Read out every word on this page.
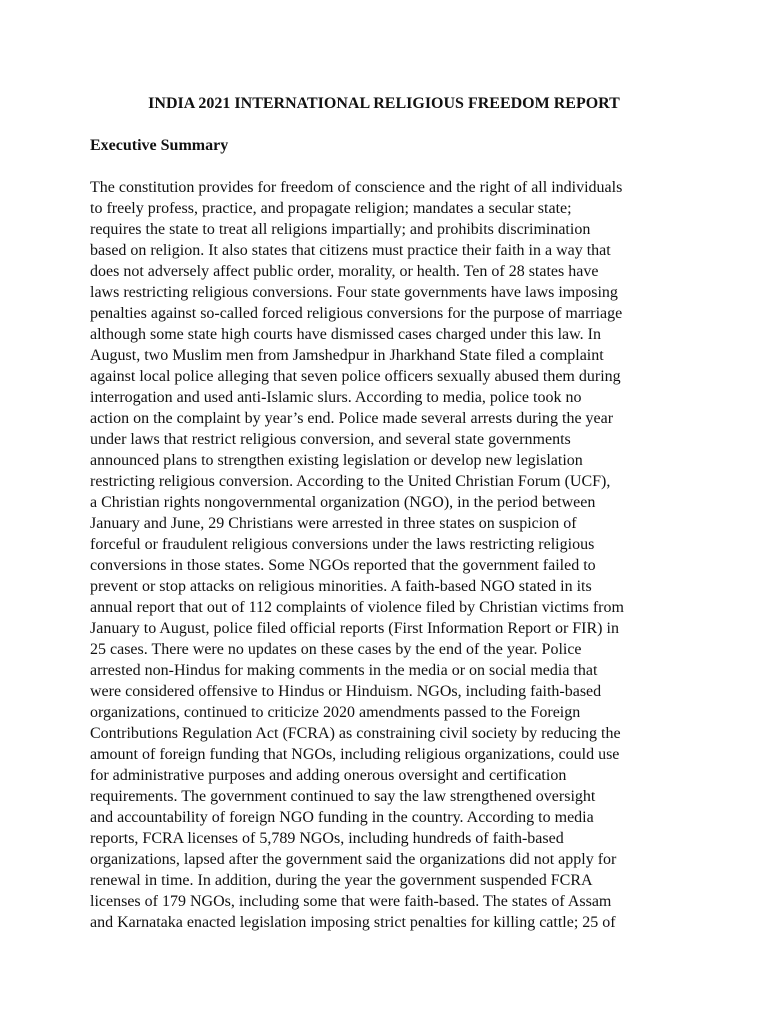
INDIA 2021 INTERNATIONAL RELIGIOUS FREEDOM REPORT
Executive Summary
The constitution provides for freedom of conscience and the right of all individuals
to freely profess, practice, and propagate religion; mandates a secular state;
requires the state to treat all religions impartially; and prohibits discrimination
based on religion. It also states that citizens must practice their faith in a way that
does not adversely affect public order, morality, or health. Ten of 28 states have
laws restricting religious conversions. Four state governments have laws imposing
penalties against so-called forced religious conversions for the purpose of marriage
although some state high courts have dismissed cases charged under this law. In
August, two Muslim men from Jamshedpur in Jharkhand State filed a complaint
against local police alleging that seven police officers sexually abused them during
interrogation and used anti-Islamic slurs. According to media, police took no
action on the complaint by year’s end. Police made several arrests during the year
under laws that restrict religious conversion, and several state governments
announced plans to strengthen existing legislation or develop new legislation
restricting religious conversion. According to the United Christian Forum (UCF),
a Christian rights nongovernmental organization (NGO), in the period between
January and June, 29 Christians were arrested in three states on suspicion of
forceful or fraudulent religious conversions under the laws restricting religious
conversions in those states. Some NGOs reported that the government failed to
prevent or stop attacks on religious minorities. A faith-based NGO stated in its
annual report that out of 112 complaints of violence filed by Christian victims from
January to August, police filed official reports (First Information Report or FIR) in
25 cases. There were no updates on these cases by the end of the year. Police
arrested non-Hindus for making comments in the media or on social media that
were considered offensive to Hindus or Hinduism. NGOs, including faith-based
organizations, continued to criticize 2020 amendments passed to the Foreign
Contributions Regulation Act (FCRA) as constraining civil society by reducing the
amount of foreign funding that NGOs, including religious organizations, could use
for administrative purposes and adding onerous oversight and certification
requirements. The government continued to say the law strengthened oversight
and accountability of foreign NGO funding in the country. According to media
reports, FCRA licenses of 5,789 NGOs, including hundreds of faith-based
organizations, lapsed after the government said the organizations did not apply for
renewal in time. In addition, during the year the government suspended FCRA
licenses of 179 NGOs, including some that were faith-based. The states of Assam
and Karnataka enacted legislation imposing strict penalties for killing cattle; 25 of
